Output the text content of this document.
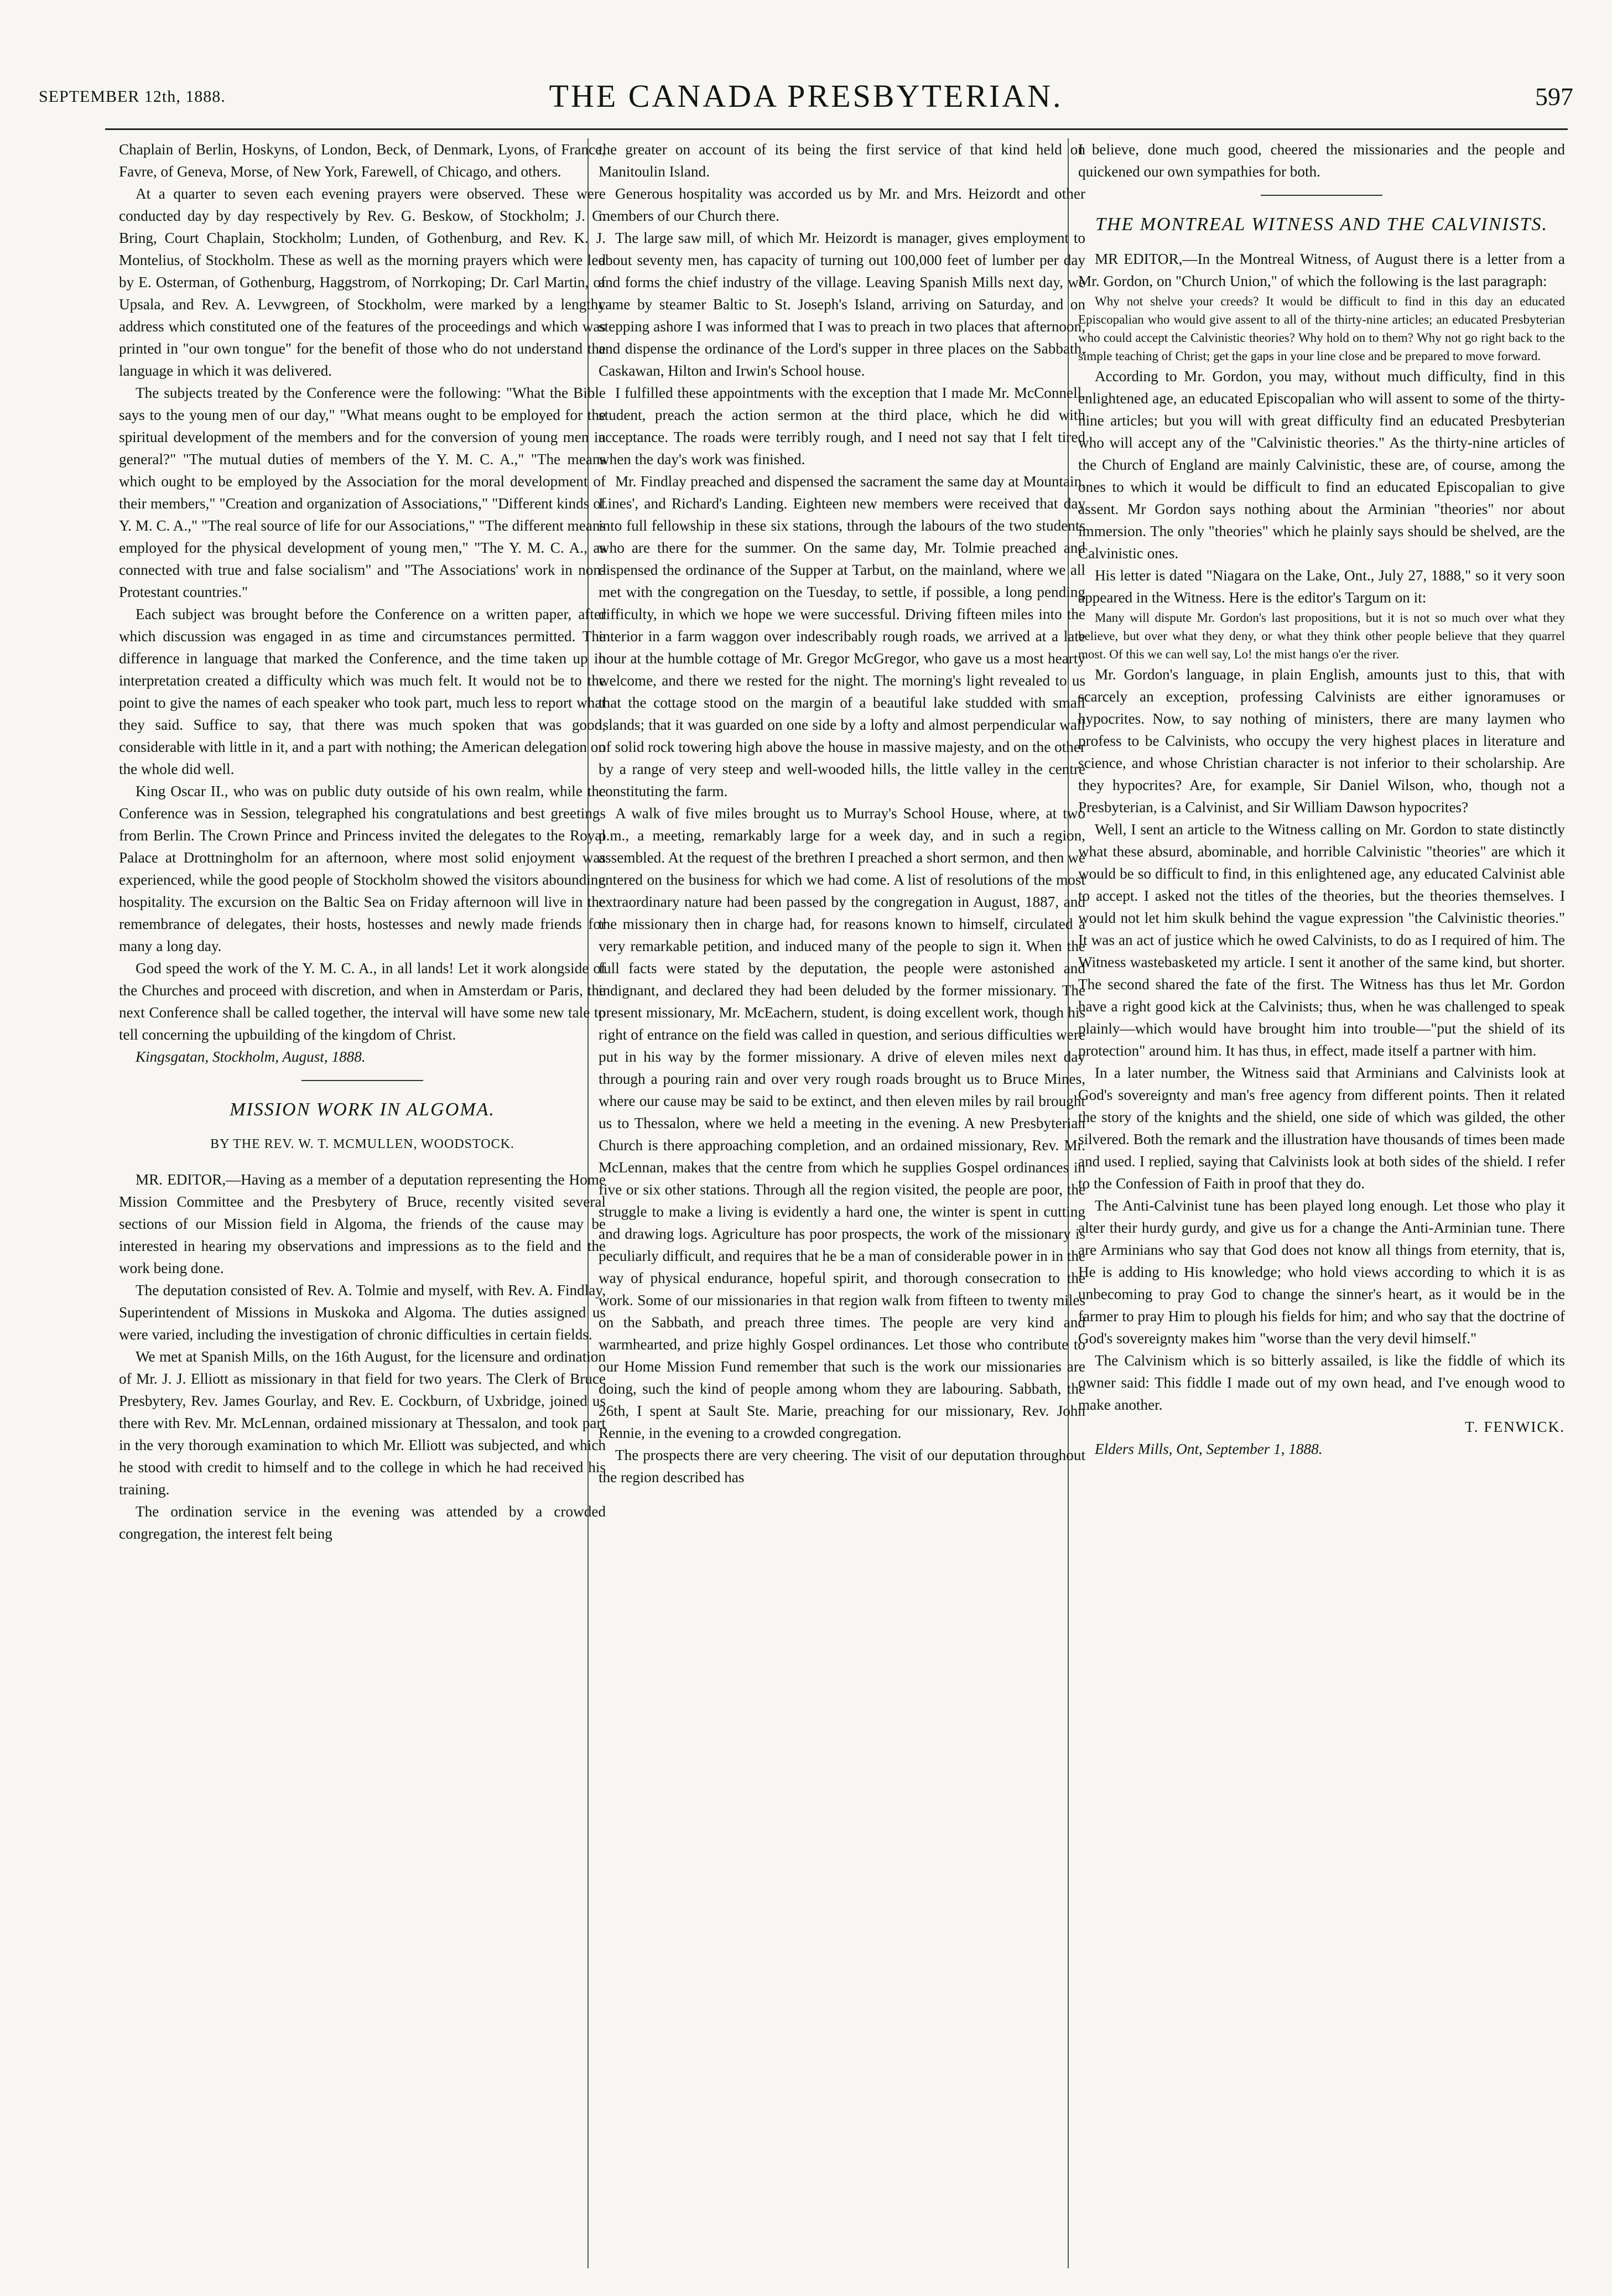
SEPTEMBER 12th, 1888.	THE CANADA PRESBYTERIAN.	597

Chaplain of Berlin, Hoskyns, of London, Beck, of Denmark, Lyons, of France, Favre, of Geneva, Morse, of New York, Farewell, of Chicago, and others.

At a quarter to seven each evening prayers were observed. These were conducted day by day respectively by Rev. G. Beskow, of Stockholm; J. C. Bring, Court Chaplain, Stockholm; Lunden, of Gothenburg, and Rev. K. J. Montelius, of Stockholm. These as well as the morning prayers which were led by E. Osterman, of Gothenburg, Haggstrom, of Norrkoping; Dr. Carl Martin, of Upsala, and Rev. A. Levwgreen, of Stockholm, were marked by a lengthy address which constituted one of the features of the proceedings and which was printed in "our own tongue" for the benefit of those who do not understand the language in which it was delivered.

The subjects treated by the Conference were the following: "What the Bible says to the young men of our day," "What means ought to be employed for the spiritual development of the members and for the conversion of young men in general?" "The mutual duties of members of the Y. M. C. A.," "The means which ought to be employed by the Association for the moral development of their members," "Creation and organization of Associations," "Different kinds of Y. M. C. A.," "The real source of life for our Associations," "The different means employed for the physical development of young men," "The Y. M. C. A., as connected with true and false socialism" and "The Associations' work in non-Protestant countries."

Each subject was brought before the Conference on a written paper, after which discussion was engaged in as time and circumstances permitted. The difference in language that marked the Conference, and the time taken up in interpretation created a difficulty which was much felt. It would not be to the point to give the names of each speaker who took part, much less to report what they said. Suffice to say, that there was much spoken that was good, considerable with little in it, and a part with nothing; the American delegation on the whole did well.

King Oscar II., who was on public duty outside of his own realm, while the Conference was in Session, telegraphed his congratulations and best greetings from Berlin. The Crown Prince and Princess invited the delegates to the Royal Palace at Drottningholm for an afternoon, where most solid enjoyment was experienced, while the good people of Stockholm showed the visitors abounding hospitality. The excursion on the Baltic Sea on Friday afternoon will live in the remembrance of delegates, their hosts, hostesses and newly made friends for many a long day.

God speed the work of the Y. M. C. A., in all lands! Let it work alongside of the Churches and proceed with discretion, and when in Amsterdam or Paris, the next Conference shall be called together, the interval will have some new tale to tell concerning the upbuilding of the kingdom of Christ.

Kingsgatan, Stockholm, August, 1888.

MISSION WORK IN ALGOMA.
BY THE REV. W. T. MCMULLEN, WOODSTOCK.

MR. EDITOR,—Having as a member of a deputation representing the Home Mission Committee and the Presbytery of Bruce, recently visited several sections of our Mission field in Algoma, the friends of the cause may be interested in hearing my observations and impressions as to the field and the work being done.

The deputation consisted of Rev. A. Tolmie and myself, with Rev. A. Findlay, Superintendent of Missions in Muskoka and Algoma. The duties assigned us were varied, including the investigation of chronic difficulties in certain fields.

We met at Spanish Mills, on the 16th August, for the licensure and ordination of Mr. J. J. Elliott as missionary in that field for two years. The Clerk of Bruce Presbytery, Rev. James Gourlay, and Rev. E. Cockburn, of Uxbridge, joined us there with Rev. Mr. McLennan, ordained missionary at Thessalon, and took part in the very thorough examination to which Mr. Elliott was subjected, and which he stood with credit to himself and to the college in which he had received his training.

The ordination service in the evening was attended by a crowded congregation, the interest felt being

the greater on account of its being the first service of that kind held on Manitoulin Island.

Generous hospitality was accorded us by Mr. and Mrs. Heizordt and other members of our Church there.

The large saw mill, of which Mr. Heizordt is manager, gives employment to about seventy men, has capacity of turning out 100,000 feet of lumber per day and forms the chief industry of the village. Leaving Spanish Mills next day, we came by steamer Baltic to St. Joseph's Island, arriving on Saturday, and on stepping ashore I was informed that I was to preach in two places that afternoon, and dispense the ordinance of the Lord's supper in three places on the Sabbath, Caskawan, Hilton and Irwin's School house.

I fulfilled these appointments with the exception that I made Mr. McConnell, student, preach the action sermon at the third place, which he did with acceptance. The roads were terribly rough, and I need not say that I felt tired when the day's work was finished.

Mr. Findlay preached and dispensed the sacrament the same day at Mountain, Lines', and Richard's Landing. Eighteen new members were received that day into full fellowship in these six stations, through the labours of the two students who are there for the summer. On the same day, Mr. Tolmie preached and dispensed the ordinance of the Supper at Tarbut, on the mainland, where we all met with the congregation on the Tuesday, to settle, if possible, a long pending difficulty, in which we hope we were successful. Driving fifteen miles into the interior in a farm waggon over indescribably rough roads, we arrived at a late hour at the humble cottage of Mr. Gregor McGregor, who gave us a most hearty welcome, and there we rested for the night. The morning's light revealed to us that the cottage stood on the margin of a beautiful lake studded with small islands; that it was guarded on one side by a lofty and almost perpendicular wall of solid rock towering high above the house in massive majesty, and on the other by a range of very steep and well-wooded hills, the little valley in the centre constituting the farm.

A walk of five miles brought us to Murray's School House, where, at two p.m., a meeting, remarkably large for a week day, and in such a region, assembled. At the request of the brethren I preached a short sermon, and then we entered on the business for which we had come. A list of resolutions of the most extraordinary nature had been passed by the congregation in August, 1887, and the missionary then in charge had, for reasons known to himself, circulated a very remarkable petition, and induced many of the people to sign it. When the full facts were stated by the deputation, the people were astonished and indignant, and declared they had been deluded by the former missionary. The present missionary, Mr. McEachern, student, is doing excellent work, though his right of entrance on the field was called in question, and serious difficulties were put in his way by the former missionary. A drive of eleven miles next day through a pouring rain and over very rough roads brought us to Bruce Mines, where our cause may be said to be extinct, and then eleven miles by rail brought us to Thessalon, where we held a meeting in the evening. A new Presbyterian Church is there approaching completion, and an ordained missionary, Rev. Mr. McLennan, makes that the centre from which he supplies Gospel ordinances in five or six other stations. Through all the region visited, the people are poor, the struggle to make a living is evidently a hard one, the winter is spent in cutting and drawing logs. Agriculture has poor prospects, the work of the missionary is peculiarly difficult, and requires that he be a man of considerable power in in the way of physical endurance, hopeful spirit, and thorough consecration to the work. Some of our missionaries in that region walk from fifteen to twenty miles on the Sabbath, and preach three times. The people are very kind and warmhearted, and prize highly Gospel ordinances. Let those who contribute to our Home Mission Fund remember that such is the work our missionaries are doing, such the kind of people among whom they are labouring. Sabbath, the 26th, I spent at Sault Ste. Marie, preaching for our missionary, Rev. John Rennie, in the evening to a crowded congregation.

The prospects there are very cheering. The visit of our deputation throughout the region described has

I believe, done much good, cheered the missionaries and the people and quickened our own sympathies for both.

THE MONTREAL WITNESS AND THE CALVINISTS.

MR EDITOR,—In the Montreal Witness, of August there is a letter from a Mr. Gordon, on "Church Union," of which the following is the last paragraph:

Why not shelve your creeds? It would be difficult to find in this day an educated Episcopalian who would give assent to all of the thirty-nine articles; an educated Presbyterian who could accept the Calvinistic theories? Why hold on to them? Why not go right back to the simple teaching of Christ; get the gaps in your line close and be prepared to move forward.

According to Mr. Gordon, you may, without much difficulty, find in this enlightened age, an educated Episcopalian who will assent to some of the thirty-nine articles; but you will with great difficulty find an educated Presbyterian who will accept any of the "Calvinistic theories." As the thirty-nine articles of the Church of England are mainly Calvinistic, these are, of course, among the ones to which it would be difficult to find an educated Episcopalian to give assent. Mr Gordon says nothing about the Arminian "theories" nor about immersion. The only "theories" which he plainly says should be shelved, are the Calvinistic ones.

His letter is dated "Niagara on the Lake, Ont., July 27, 1888," so it very soon appeared in the Witness. Here is the editor's Targum on it:

Many will dispute Mr. Gordon's last propositions, but it is not so much over what they believe, but over what they deny, or what they think other people believe that they quarrel most. Of this we can well say, Lo! the mist hangs o'er the river.

Mr. Gordon's language, in plain English, amounts just to this, that with scarcely an exception, professing Calvinists are either ignoramuses or hypocrites. Now, to say nothing of ministers, there are many laymen who profess to be Calvinists, who occupy the very highest places in literature and science, and whose Christian character is not inferior to their scholarship. Are they hypocrites? Are, for example, Sir Daniel Wilson, who, though not a Presbyterian, is a Calvinist, and Sir William Dawson hypocrites?

Well, I sent an article to the Witness calling on Mr. Gordon to state distinctly what these absurd, abominable, and horrible Calvinistic "theories" are which it would be so difficult to find, in this enlightened age, any educated Calvinist able to accept. I asked not the titles of the theories, but the theories themselves. I would not let him skulk behind the vague expression "the Calvinistic theories." It was an act of justice which he owed Calvinists, to do as I required of him. The Witness wastebasketed my article. I sent it another of the same kind, but shorter. The second shared the fate of the first. The Witness has thus let Mr. Gordon have a right good kick at the Calvinists; thus, when he was challenged to speak plainly—which would have brought him into trouble—"put the shield of its protection" around him. It has thus, in effect, made itself a partner with him.

In a later number, the Witness said that Arminians and Calvinists look at God's sovereignty and man's free agency from different points. Then it related the story of the knights and the shield, one side of which was gilded, the other silvered. Both the remark and the illustration have thousands of times been made and used. I replied, saying that Calvinists look at both sides of the shield. I refer to the Confession of Faith in proof that they do.

The Anti-Calvinist tune has been played long enough. Let those who play it alter their hurdy gurdy, and give us for a change the Anti-Arminian tune. There are Arminians who say that God does not know all things from eternity, that is, He is adding to His knowledge; who hold views according to which it is as unbecoming to pray God to change the sinner's heart, as it would be in the farmer to pray Him to plough his fields for him; and who say that the doctrine of God's sovereignty makes him "worse than the very devil himself."

The Calvinism which is so bitterly assailed, is like the fiddle of which its owner said: This fiddle I made out of my own head, and I've enough wood to make another.

T. FENWICK.

Elders Mills, Ont, September 1, 1888.
